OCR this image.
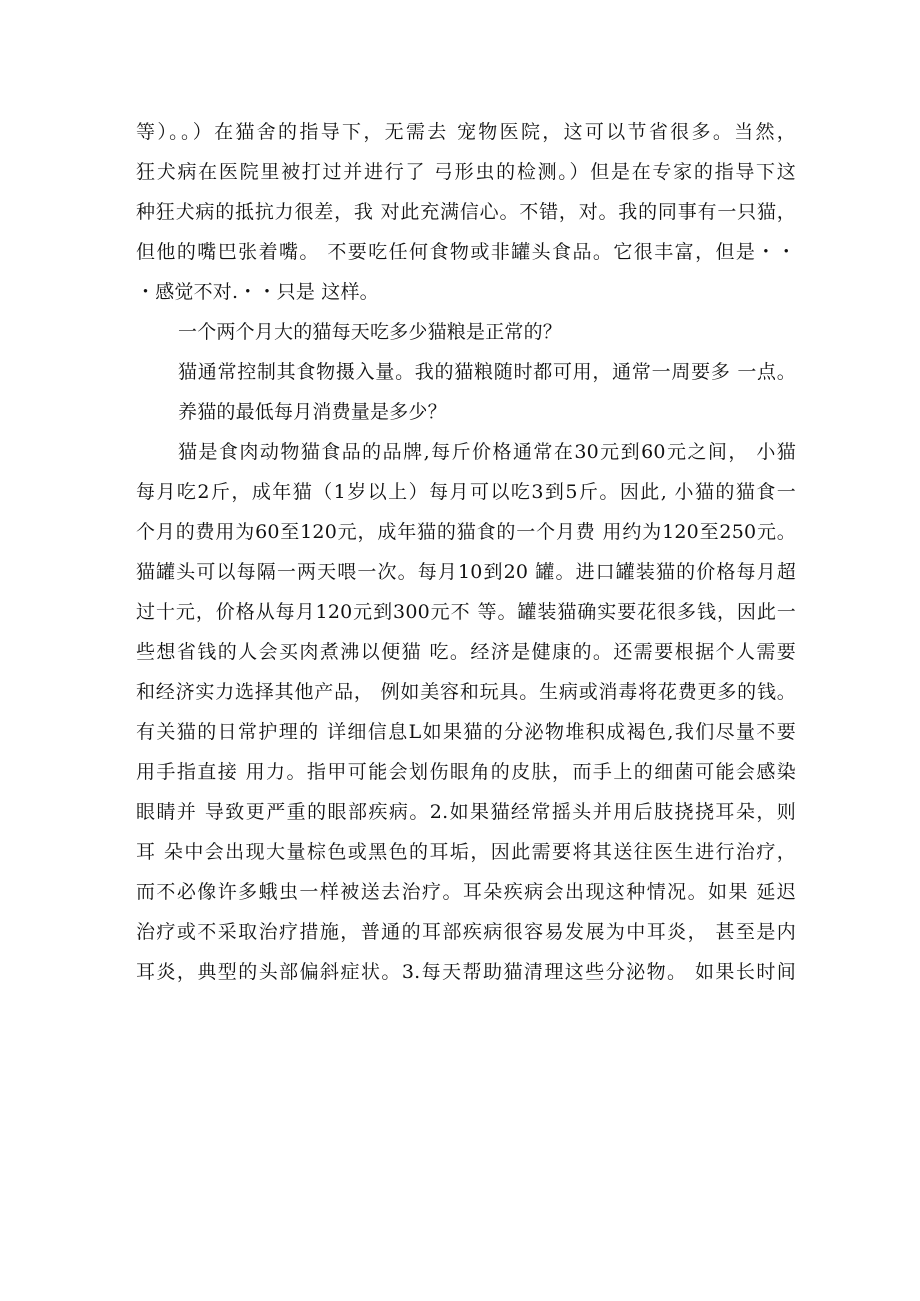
等）。。）在猫舍的指导下，无需去 宠物医院，这可以节省很多。当然，
狂犬病在医院里被打过并进行了 弓形虫的检测。）但是在专家的指导下这
种狂犬病的抵抗力很差，我 对此充满信心。不错，对。我的同事有一只猫，
但他的嘴巴张着嘴。 不要吃任何食物或非罐头食品。它很丰富，但是・・
・感觉不对.・・只是 这样。
一个两个月大的猫每天吃多少猫粮是正常的？
猫通常控制其食物摄入量。我的猫粮随时都可用，通常一周要多 一点。
养猫的最低每月消费量是多少？
猫是食肉动物猫食品的品牌,每斤价格通常在30元到60元之间， 小猫
每月吃2斤，成年猫（1岁以上）每月可以吃3到5斤。因此, 小猫的猫食一
个月的费用为60至120元，成年猫的猫食的一个月费 用约为120至250元。
猫罐头可以每隔一两天喂一次。每月10到20 罐。进口罐装猫的价格每月超
过十元，价格从每月120元到300元不 等。罐装猫确实要花很多钱，因此一
些想省钱的人会买肉煮沸以便猫 吃。经济是健康的。还需要根据个人需要
和经济实力选择其他产品， 例如美容和玩具。生病或消毒将花费更多的钱。
有关猫的日常护理的 详细信息L如果猫的分泌物堆积成褐色,我们尽量不要
用手指直接 用力。指甲可能会划伤眼角的皮肤，而手上的细菌可能会感染
眼睛并 导致更严重的眼部疾病。2.如果猫经常摇头并用后肢挠挠耳朵，则
耳 朵中会出现大量棕色或黑色的耳垢，因此需要将其送往医生进行治疗，
而不必像许多蛾虫一样被送去治疗。耳朵疾病会出现这种情况。如果 延迟
治疗或不采取治疗措施，普通的耳部疾病很容易发展为中耳炎， 甚至是内
耳炎，典型的头部偏斜症状。3.每天帮助猫清理这些分泌物。 如果长时间
